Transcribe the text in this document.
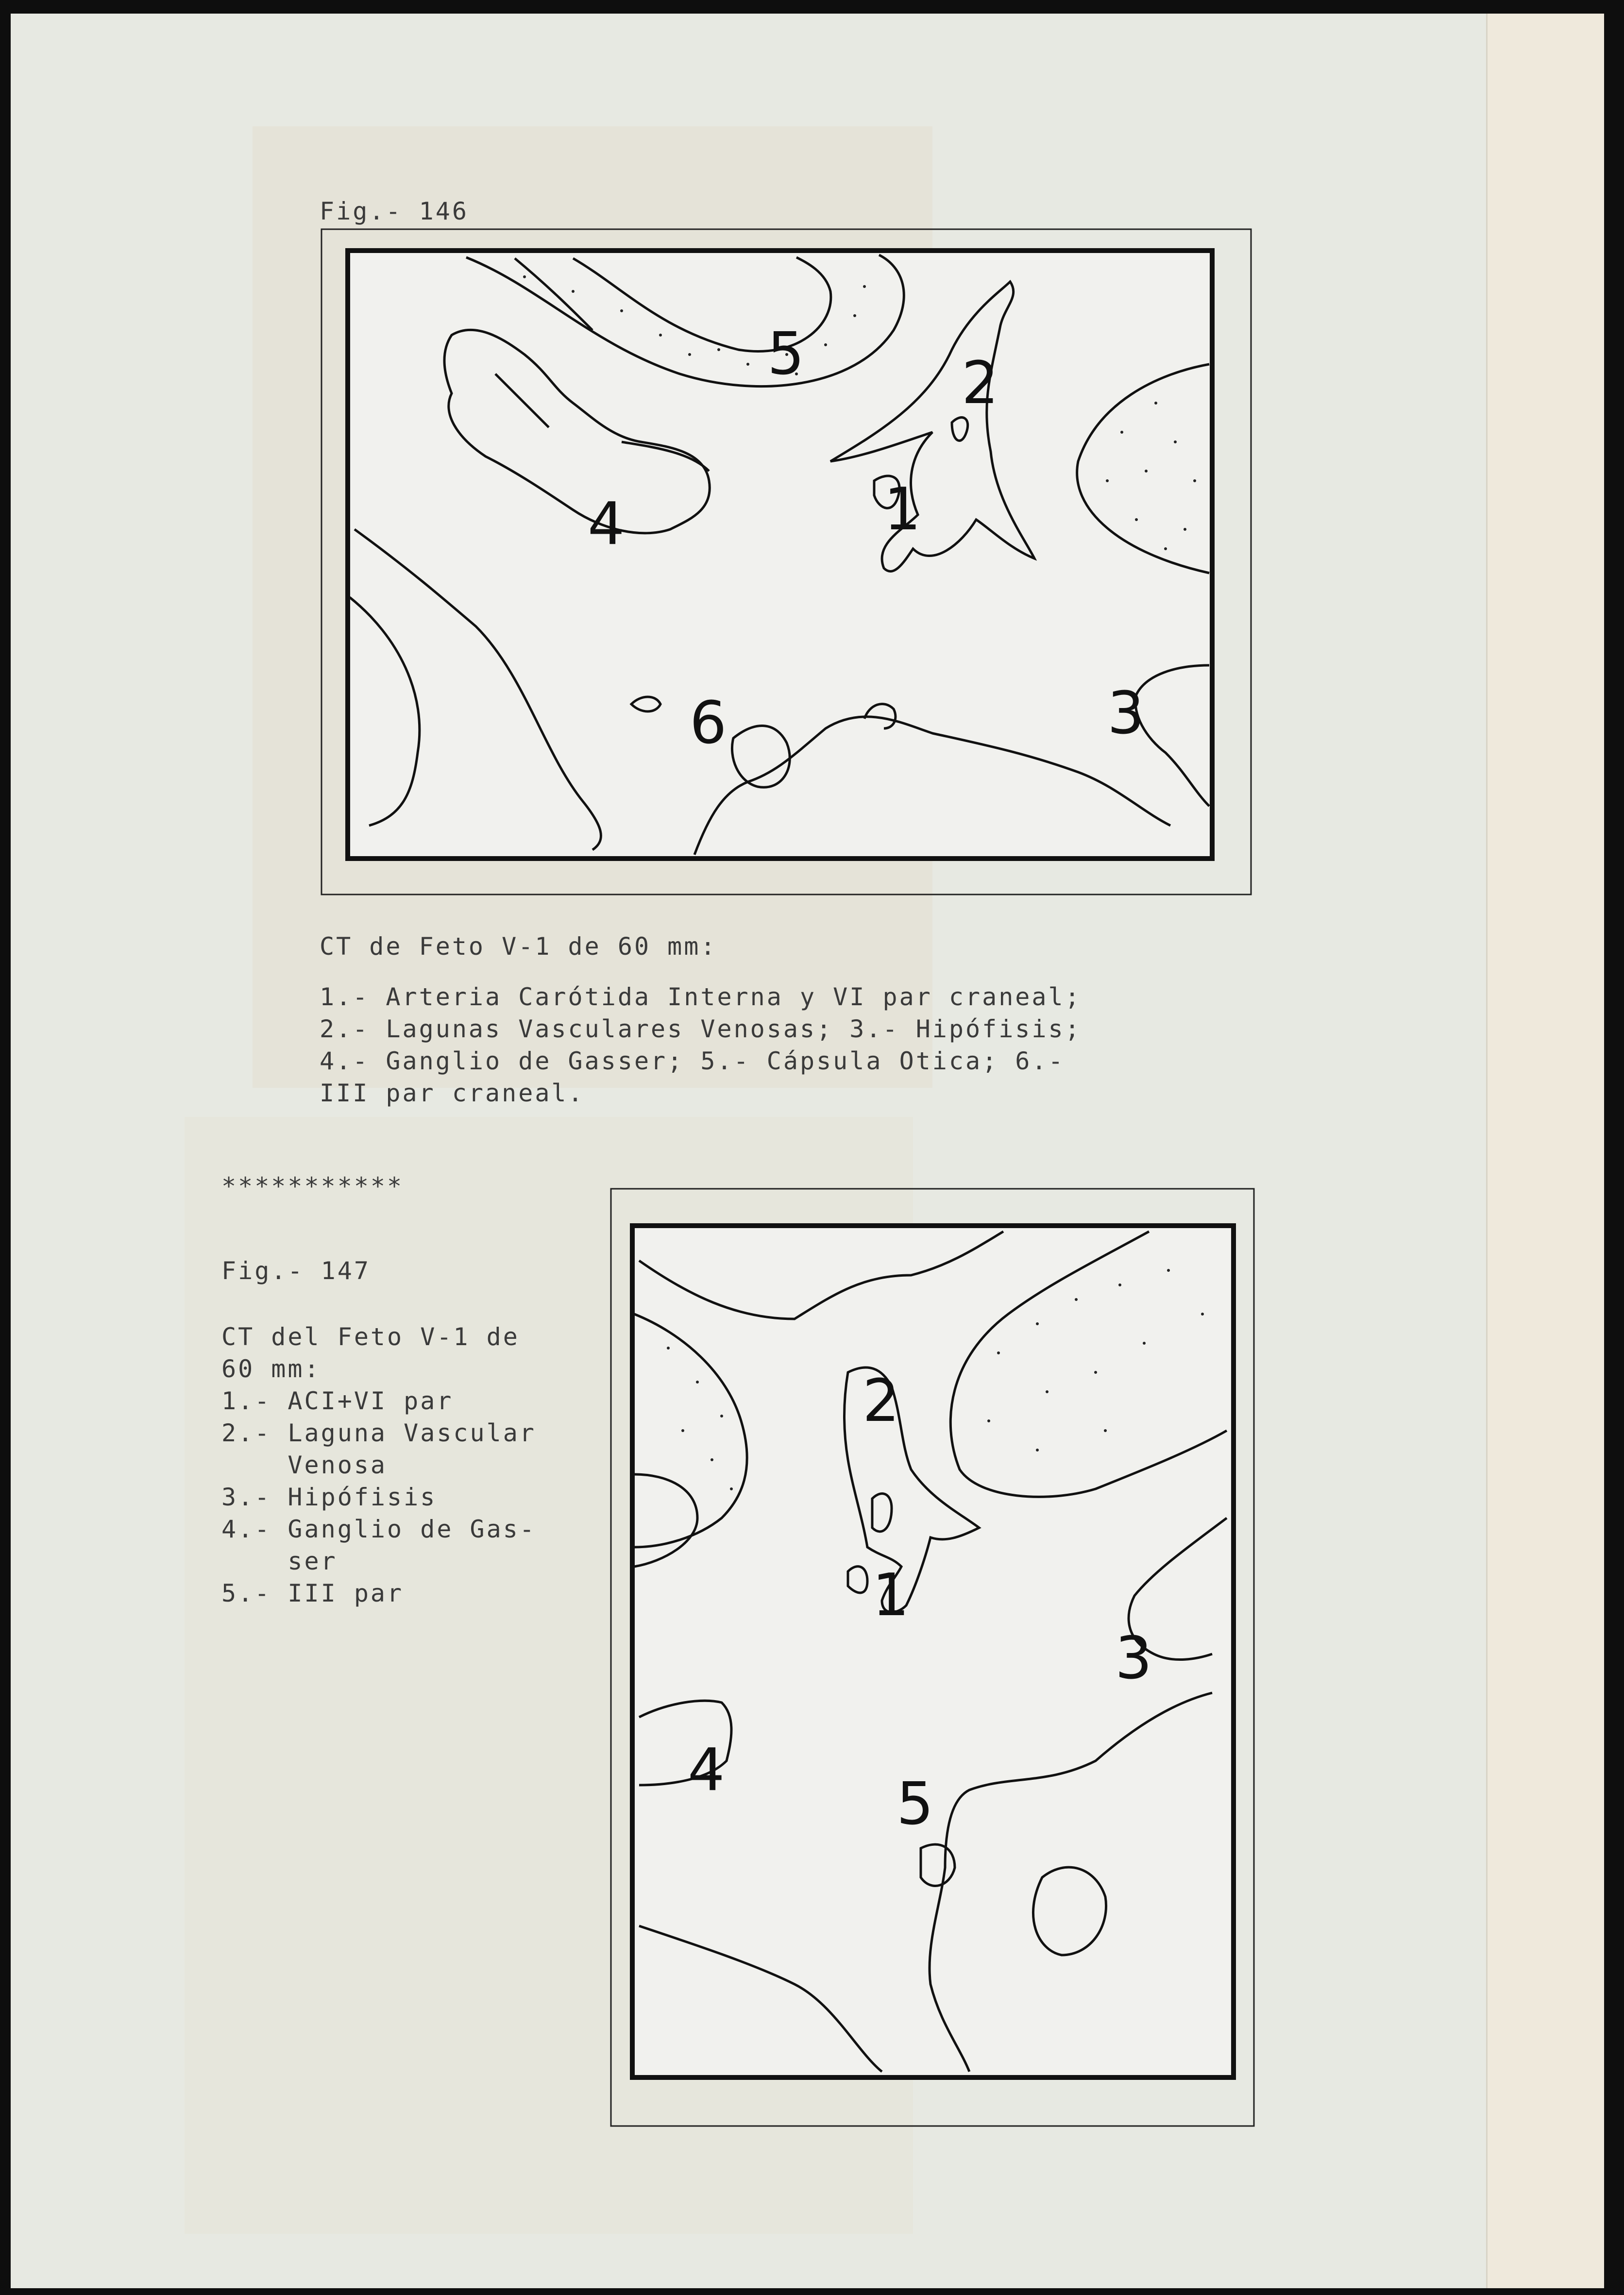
Fig.- 146
1
2
3
4
5
6
CT de Feto V-1 de 60 mm:
1.- Arteria Carótida Interna y VI par craneal;
2.- Lagunas Vasculares Venosas; 3.- Hipófisis;
4.- Ganglio de Gasser; 5.- Cápsula Otica; 6.-
III par craneal.
***********
Fig.- 147
CT del Feto V-1 de
60 mm:
1.- ACI+VI par
2.- Laguna Vascular
Venosa
3.- Hipófisis
4.- Ganglio de Gas-
ser
5.- III par	1
2
3
4
5
